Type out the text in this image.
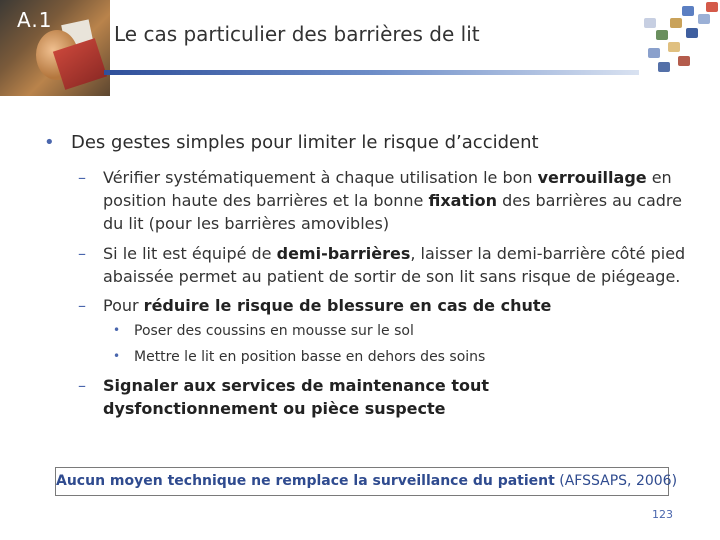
A.1
Le cas particulier des barrières de lit
• Des gestes simples pour limiter le risque d’accident
– Vérifier systématiquement à chaque utilisation le bon verrouillage en position haute des barrières et la bonne fixation des barrières au cadre du lit (pour les barrières amovibles)
– Si le lit est équipé de demi-barrières, laisser la demi-barrière côté pied abaissée permet au patient de sortir de son lit sans risque de piégeage.
– Pour réduire le risque de blessure en cas de chute
• Poser des coussins en mousse sur le sol
• Mettre le lit en position basse en dehors des soins
– Signaler aux services de maintenance tout dysfonctionnement ou pièce suspecte
Aucun moyen technique ne remplace la surveillance du patient (AFSSAPS, 2006)
123
